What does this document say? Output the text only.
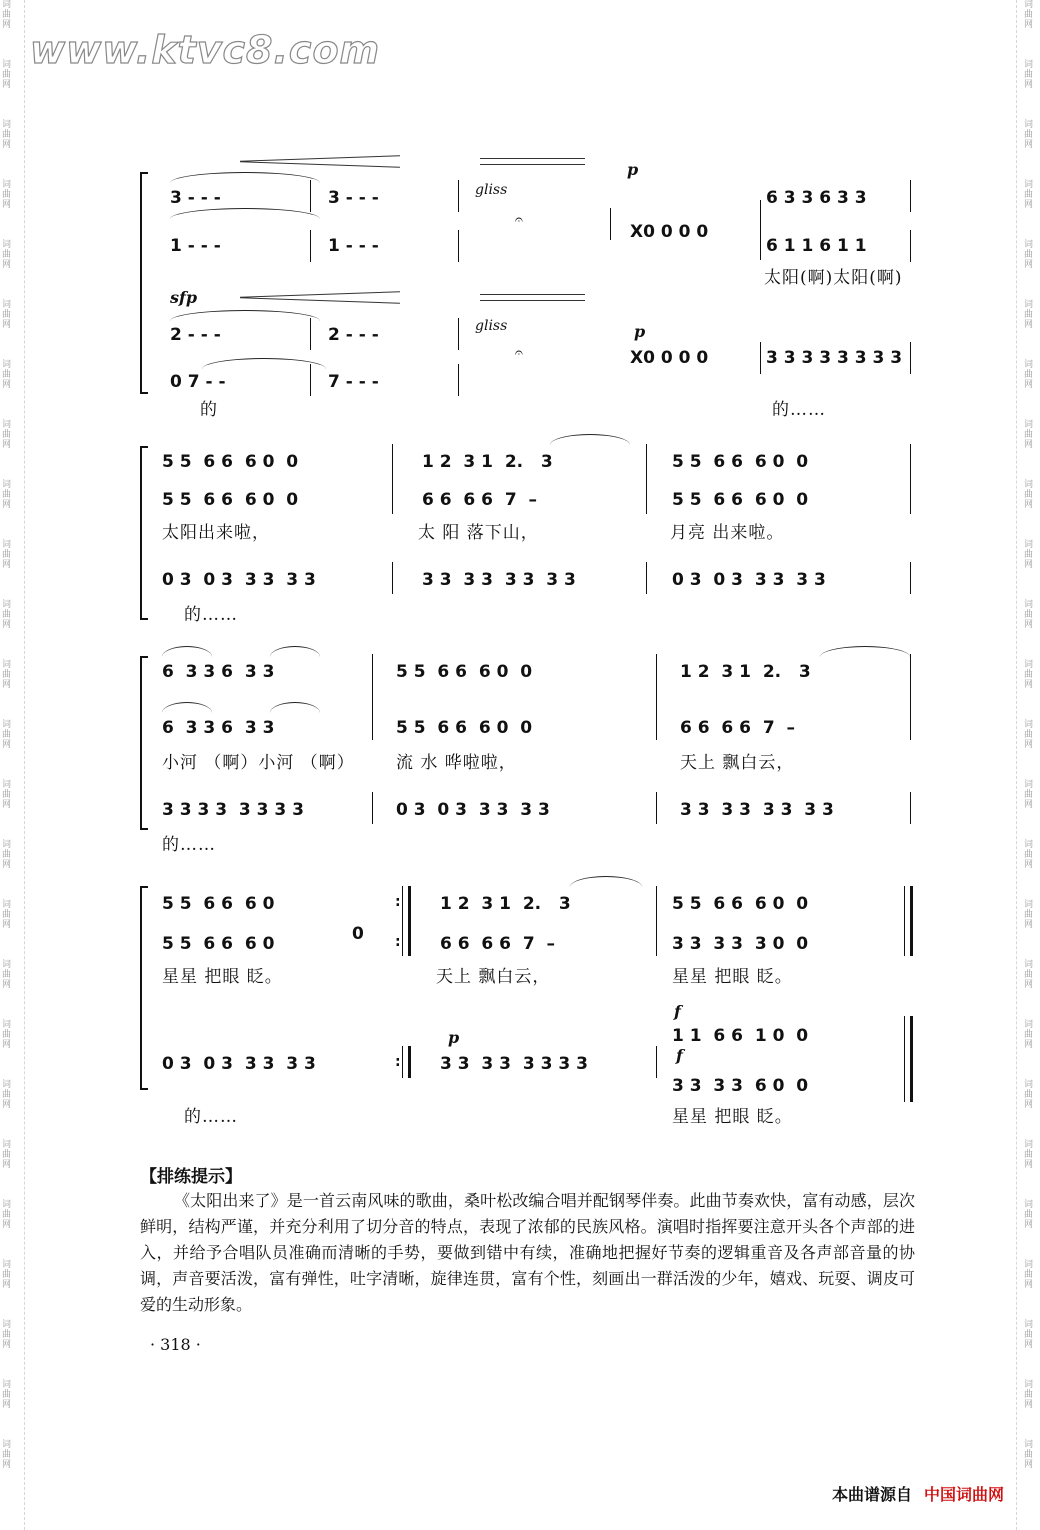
www.ktvc8.com
词
曲
网
词
曲
网
词
曲
网
词
曲
网
词
曲
网
词
曲
网
词
曲
网
词
曲
网
词
曲
网
词
曲
网
词
曲
网
词
曲
网
词
曲
网
词
曲
网
词
曲
网
词
曲
网
词
曲
网
词
曲
网
词
曲
网
词
曲
网
词
曲
网
词
曲
网
词
曲
网
词
曲
网
词
曲
网
词
曲
网
词
曲
网
词
曲
网
词
曲
网
词
曲
网
词
曲
网
词
曲
网
词
曲
网
词
曲
网
词
曲
网
词
曲
网
词
曲
网
词
曲
网
词
曲
网
词
曲
网
词
曲
网
词
曲
网
词
曲
网
词
曲
网
词
曲
网
词
曲
网
词
曲
网
词
曲
网
词
曲
网
词
曲
网
p

3 - - -

	3 - - -

	6 3 3 6 3 3

gliss
𝄐

X0 0 0 0

1 - - -

	1 - - -

	6 1 1 6 1 1

太阳(啊)太阳(啊)
sfp

2 - - -

	2 - - -

	gliss
𝄐
p

0 7 - -

	7 - - -

X0 0 0 0

	3 3 3 3 3 3 3 3

的	的……

5 5  6 6  6 0  0

	1 2  3 1  2.   3

	5 5  6 6  6 0  0

5 5  6 6  6 0  0

	6 6  6 6  7  –

	5 5  6 6  6 0  0

太阳出来啦，	太 阳 落下山，	月亮 出来啦。

0 3  0 3  3 3  3 3

	3 3  3 3  3 3  3 3

	0 3  0 3  3 3  3 3

的……

6  3 3 6  3 3

	5 5  6 6  6 0  0

	1 2  3 1  2.   3

6  3 3 6  3 3

	5 5  6 6  6 0  0

	6 6  6 6  7  –

小河 （啊）小河 （啊） 流 水 哗啦啦，	天上 飘白云，

3 3 3 3  3 3 3 3

	0 3  0 3  3 3  3 3

	3 3  3 3  3 3  3 3

的……

5 5  6 6  6 0

	1 2  3 1  2.   3

	5 5  6 6  6 0  0

5 5  6 6  6 0

	6 6  6 6  7  –

	3 3  3 3  3 0  0

0

:
:
星星 把眼 眨。	天上 飘白云，	星星 把眼 眨。
f

1 1  6 6  1 0  0

p
f

0 3  0 3  3 3  3 3

	3 3  3 3  3 3 3 3

3 3  3 3  6 0  0

:
的……	星星 把眼 眨。
【排练提示】
《太阳出来了》是一首云南风味的歌曲，桑叶松改编合唱并配钢琴伴奏。此曲节奏欢快，富有动感，层次鲜明，结构严谨，并充分利用了切分音的特点，表现了浓郁的民族风格。演唱时指挥要注意开头各个声部的进入，并给予合唱队员准确而清晰的手势，要做到错中有续，准确地把握好节奏的逻辑重音及各声部音量的协调，声音要活泼，富有弹性，吐字清晰，旋律连贯，富有个性，刻画出一群活泼的少年，嬉戏、玩耍、调皮可爱的生动形象。
· 318 ·
本曲谱源自 中国词曲网
